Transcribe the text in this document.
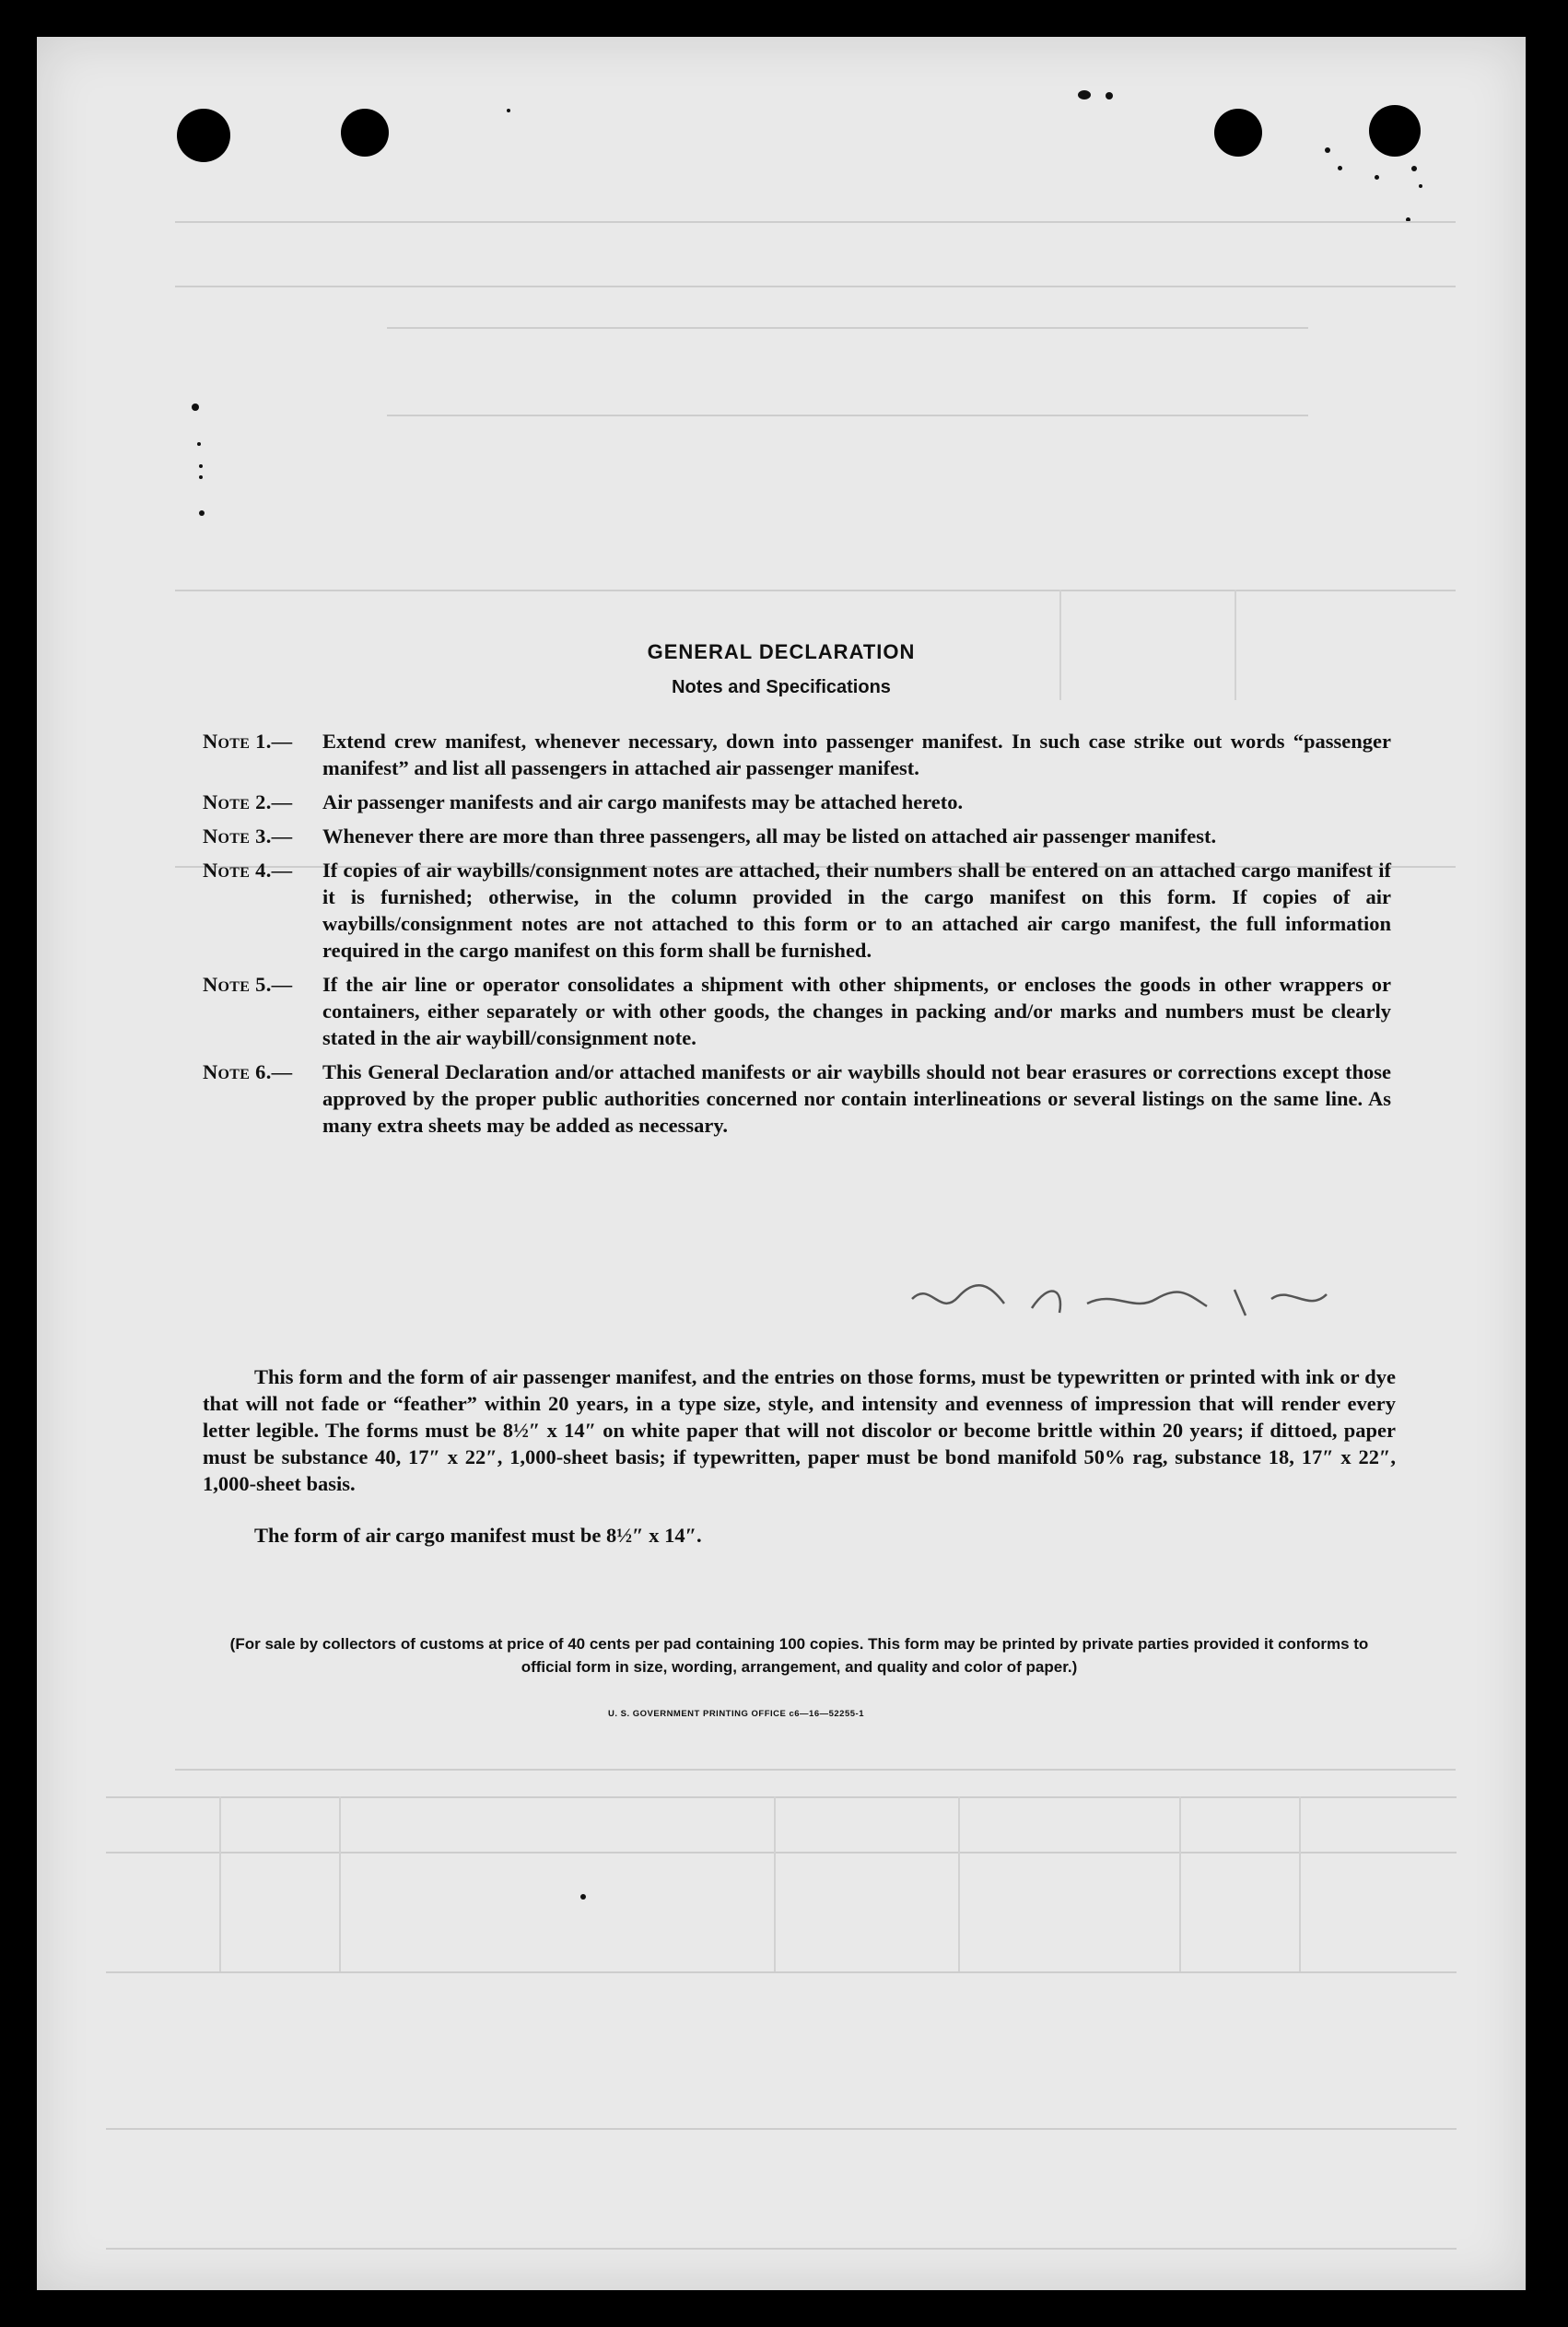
GENERAL DECLARATION
Notes and Specifications
Note 1.—	Extend crew manifest, whenever necessary, down into passenger manifest. In such case strike out words “passenger manifest” and list all passengers in attached air passenger manifest.
Note 2.—	Air passenger manifests and air cargo manifests may be attached hereto.
Note 3.—	Whenever there are more than three passengers, all may be listed on attached air passenger manifest.
Note 4.—	If copies of air waybills/consignment notes are attached, their numbers shall be entered on an attached cargo manifest if it is furnished; otherwise, in the column provided in the cargo manifest on this form. If copies of air waybills/consignment notes are not attached to this form or to an attached air cargo manifest, the full information required in the cargo manifest on this form shall be furnished.
Note 5.—	If the air line or operator consolidates a shipment with other shipments, or encloses the goods in other wrappers or containers, either separately or with other goods, the changes in packing and/or marks and numbers must be clearly stated in the air waybill/consignment note.
Note 6.—	This General Declaration and/or attached manifests or air waybills should not bear erasures or corrections except those approved by the proper public authorities concerned nor contain interlineations or several listings on the same line. As many extra sheets may be added as necessary.
This form and the form of air passenger manifest, and the entries on those forms, must be typewritten or printed with ink or dye that will not fade or “feather” within 20 years, in a type size, style, and intensity and evenness of impression that will render every letter legible. The forms must be 8½″ x 14″ on white paper that will not discolor or become brittle within 20 years; if dittoed, paper must be substance 40, 17″ x 22″, 1,000-sheet basis; if typewritten, paper must be bond manifold 50% rag, substance 18, 17″ x 22″, 1,000-sheet basis.
The form of air cargo manifest must be 8½″ x 14″.
(For sale by collectors of customs at price of 40 cents per pad containing 100 copies. This form may be printed by private parties provided it conforms to official form in size, wording, arrangement, and quality and color of paper.)
U. S. GOVERNMENT PRINTING OFFICE c6—16—52255-1
